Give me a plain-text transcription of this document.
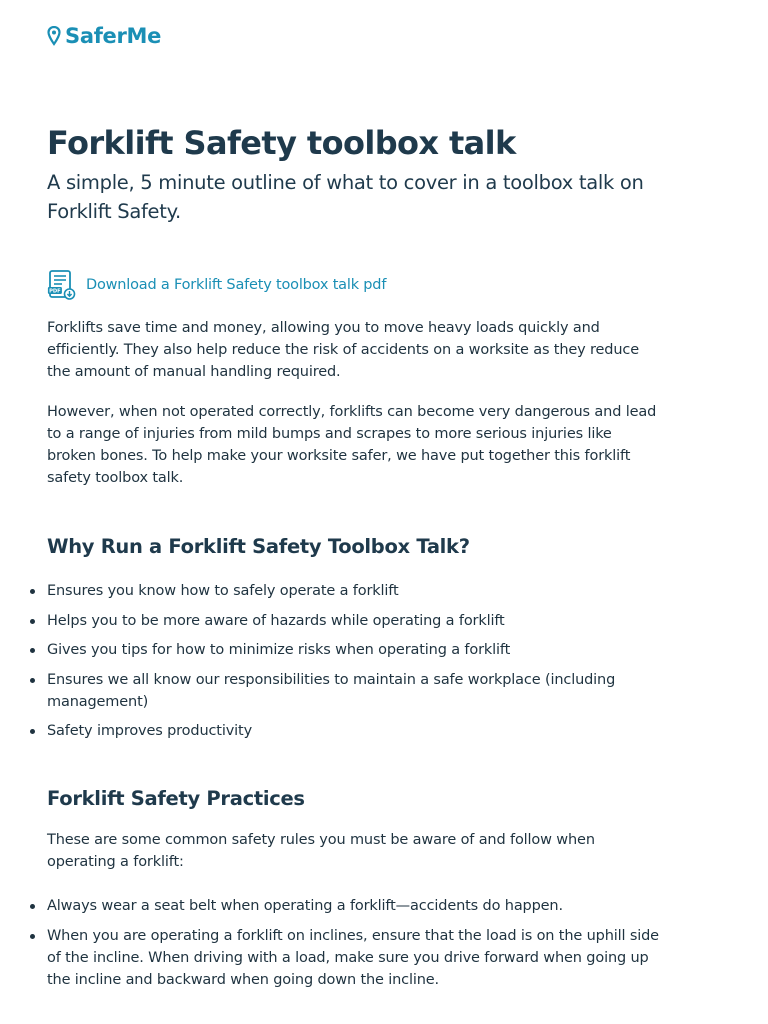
SaferMe
Forklift Safety toolbox talk

A simple, 5 minute outline of what to cover in a toolbox talk on Forklift Safety.

PDF Download a Forklift Safety toolbox talk pdf

Forklifts save time and money, allowing you to move heavy loads quickly and efficiently. They also help reduce the risk of accidents on a worksite as they reduce the amount of manual handling required.

However, when not operated correctly, forklifts can become very dangerous and lead to a range of injuries from mild bumps and scrapes to more serious injuries like broken bones. To help make your worksite safer, we have put together this forklift safety toolbox talk.

Why Run a Forklift Safety Toolbox Talk?
Ensures you know how to safely operate a forklift
Helps you to be more aware of hazards while operating a forklift
Gives you tips for how to minimize risks when operating a forklift
Ensures we all know our responsibilities to maintain a safe workplace (including management)
Safety improves productivity
Forklift Safety Practices

These are some common safety rules you must be aware of and follow when operating a forklift:

Always wear a seat belt when operating a forklift—accidents do happen.
When you are operating a forklift on inclines, ensure that the load is on the uphill side of the incline. When driving with a load, make sure you drive forward when going up the incline and backward when going down the incline.
